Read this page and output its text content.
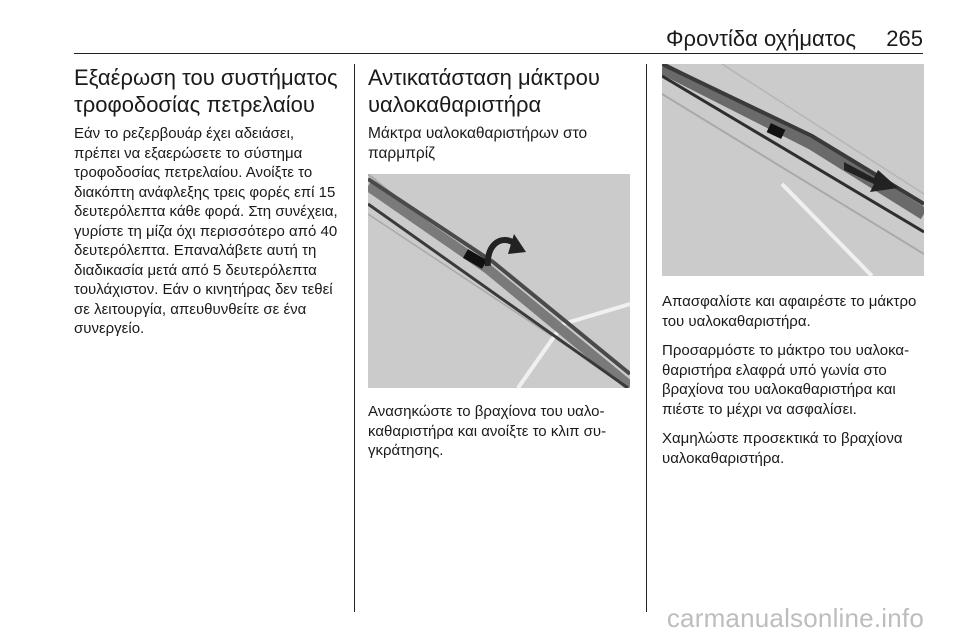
Φροντίδα οχήματος 265
Εξαέρωση του συστήματος τροφοδοσίας πετρελαίου

Εάν το ρεζερβουάρ έχει αδειάσει, πρέπει να εξαερώσετε το σύστημα τροφοδοσίας πετρελαίου. Ανοίξτε το διακόπτη ανάφλεξης τρεις φορές επί 15 δευτερόλεπτα κάθε φορά. Στη συνέχεια, γυρίστε τη μίζα όχι περισσότερο από 40 δευτερόλεπτα. Επαναλάβετε αυτή τη διαδικασία μετά από 5 δευτερόλεπτα τουλάχιστον. Εάν ο κινητήρας δεν τεθεί σε λειτουργία, απευθυνθείτε σε ένα συνεργείο.

Αντικατάσταση μάκτρου υαλοκαθαριστήρα
Μάκτρα υαλοκαθαριστήρων στο παρμπρίζ

Ανασηκώστε το βραχίονα του υαλοκαθαριστήρα και ανοίξτε το κλιπ συγκράτησης.

Απασφαλίστε και αφαιρέστε το μάκτρο του υαλοκαθαριστήρα.

Προσαρμόστε το μάκτρο του υαλοκαθαριστήρα ελαφρά υπό γωνία στο βραχίονα του υαλοκαθαριστήρα και πιέστε το μέχρι να ασφαλίσει.

Χαμηλώστε προσεκτικά το βραχίονα υαλοκαθαριστήρα.

carmanualsonline.info
